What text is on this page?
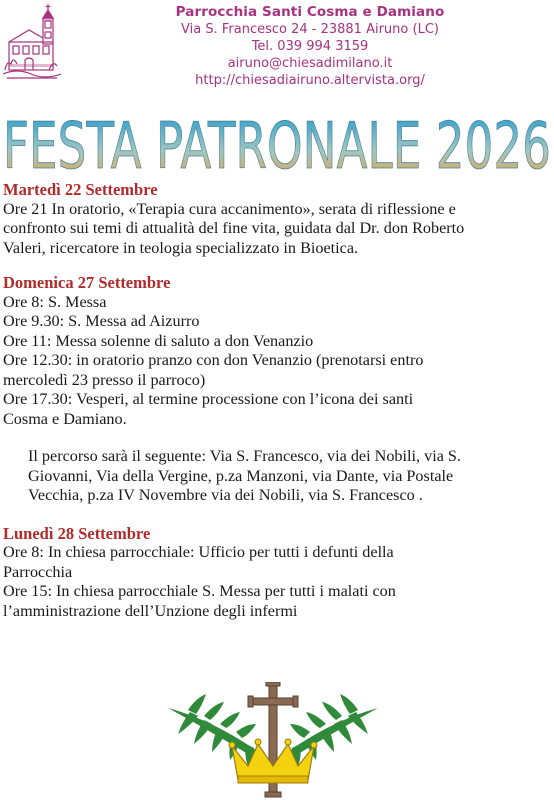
Parrocchia Santi Cosma e Damiano
Via S. Francesco 24 - 23881 Airuno (LC)
Tel. 039 994 3159
airuno@chiesadimilano.it
http://chiesadiairuno.altervista.org/
FESTA PATRONALE 2026

Martedì 22 Settembre

Ore 21 In oratorio, «Terapia cura accanimento», serata di riflessione e

confronto sui temi di attualità del fine vita, guidata dal Dr. don Roberto

Valeri, ricercatore in teologia specializzato in Bioetica.

Domenica 27 Settembre

Ore 8: S. Messa

Ore 9.30: S. Messa ad Aizurro

Ore 11: Messa solenne di saluto a don Venanzio

Ore 12.30: in oratorio pranzo con don Venanzio (prenotarsi entro

mercoledì 23 presso il parroco)

Ore 17.30: Vesperi, al termine processione con l’icona dei santi

Cosma e Damiano.

Il percorso sarà il seguente: Via S. Francesco, via dei Nobili, via S.

Giovanni, Via della Vergine, p.za Manzoni, via Dante, via Postale

Vecchia, p.za IV Novembre via dei Nobili, via S. Francesco .

Lunedì 28 Settembre

Ore 8: In chiesa parrocchiale: Ufficio per tutti i defunti della

Parrocchia

Ore 15: In chiesa parrocchiale S. Messa per tutti i malati con

l’amministrazione dell’Unzione degli infermi
